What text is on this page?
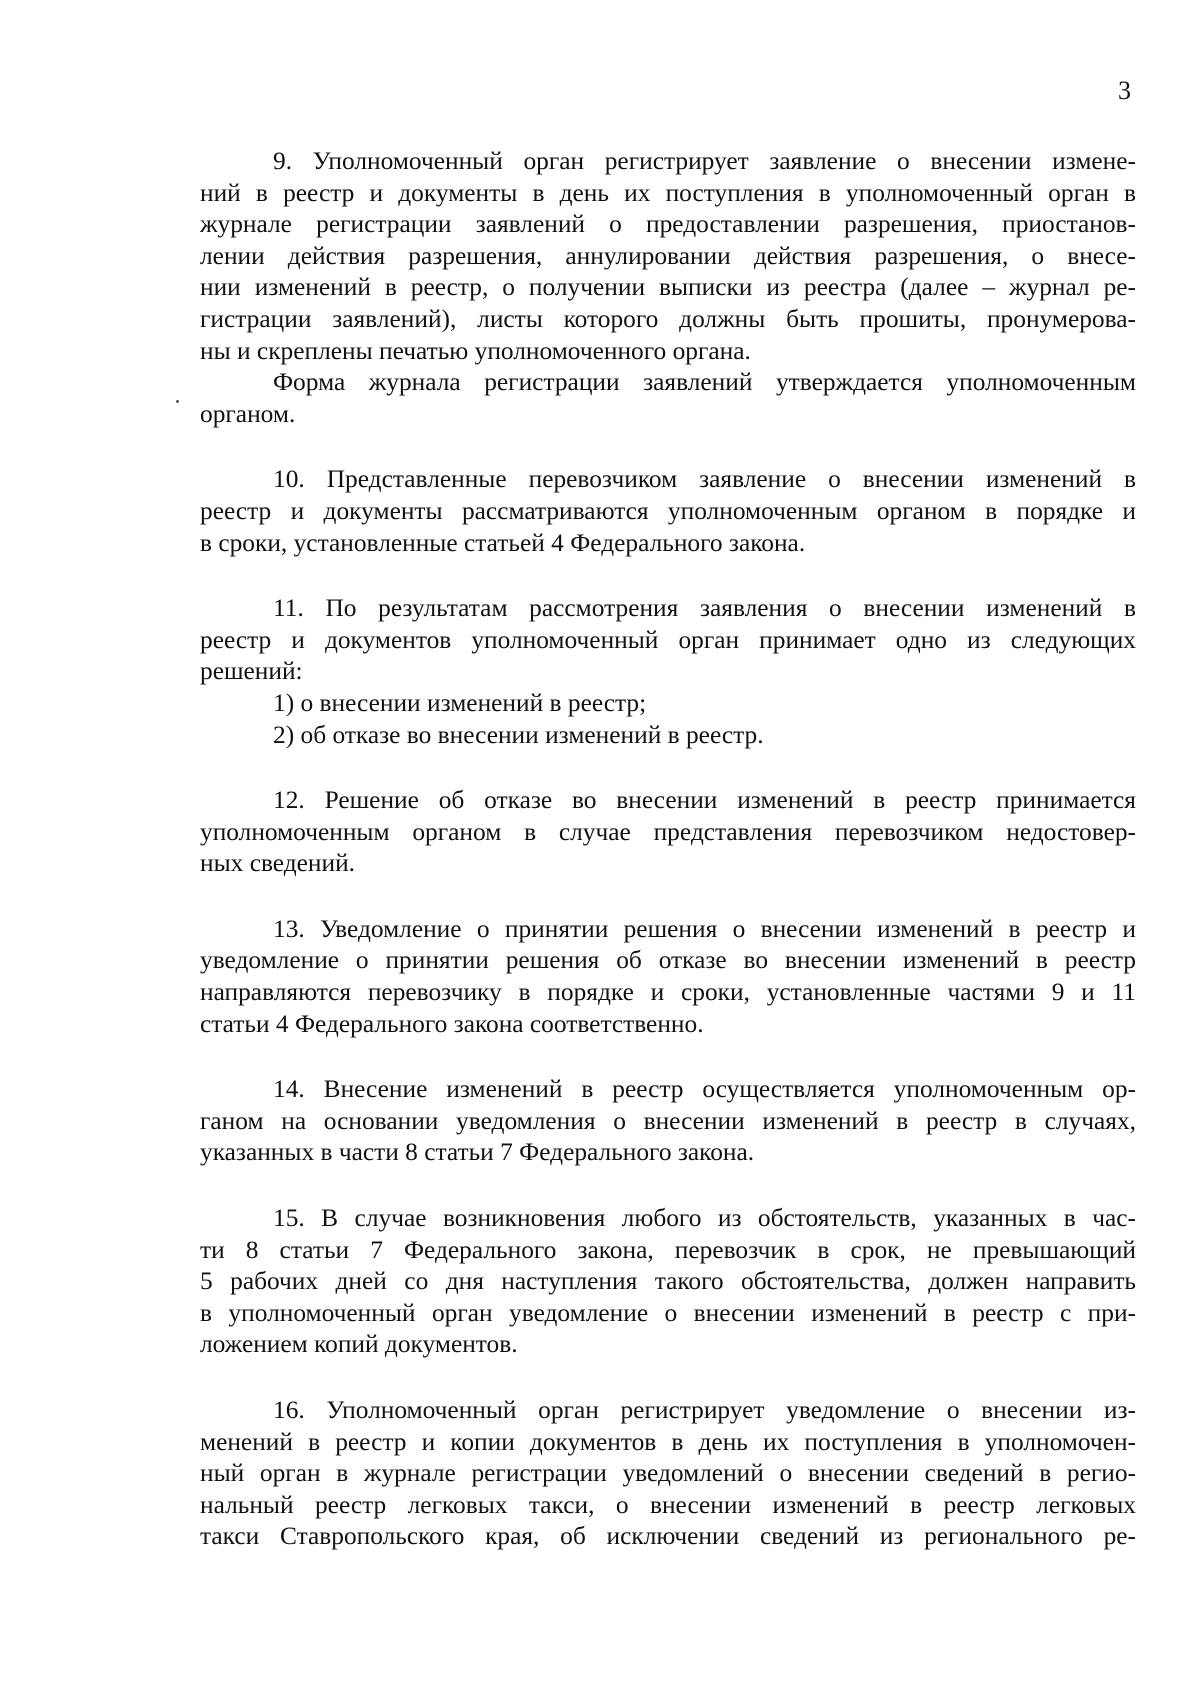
3
9. Уполномоченный орган регистрирует заявление о внесении измене-
ний в реестр и документы в день их поступления в уполномоченный орган в
журнале регистрации заявлений о предоставлении разрешения, приостанов-
лении действия разрешения, аннулировании действия разрешения, о внесе-
нии изменений в реестр, о получении выписки из реестра (далее – журнал ре-
гистрации заявлений), листы которого должны быть прошиты, пронумерова-
ны и скреплены печатью уполномоченного органа.
Форма журнала регистрации заявлений утверждается уполномоченным
органом.
10. Представленные перевозчиком заявление о внесении изменений в
реестр и документы рассматриваются уполномоченным органом в порядке и
в сроки, установленные статьей 4 Федерального закона.
11. По результатам рассмотрения заявления о внесении изменений в
реестр и документов уполномоченный орган принимает одно из следующих
решений:
1) о внесении изменений в реестр;
2) об отказе во внесении изменений в реестр.
12. Решение об отказе во внесении изменений в реестр принимается
уполномоченным органом в случае представления перевозчиком недостовер-
ных сведений.
13. Уведомление о принятии решения о внесении изменений в реестр и
уведомление о принятии решения об отказе во внесении изменений в реестр
направляются перевозчику в порядке и сроки, установленные частями 9 и 11
статьи 4 Федерального закона соответственно.
14. Внесение изменений в реестр осуществляется уполномоченным ор-
ганом на основании уведомления о внесении изменений в реестр в случаях,
указанных в части 8 статьи 7 Федерального закона.
15. В случае возникновения любого из обстоятельств, указанных в час-
ти 8 статьи 7 Федерального закона, перевозчик в срок, не превышающий
5 рабочих дней со дня наступления такого обстоятельства, должен направить
в уполномоченный орган уведомление о внесении изменений в реестр с при-
ложением копий документов.
16. Уполномоченный орган регистрирует уведомление о внесении из-
менений в реестр и копии документов в день их поступления в уполномочен-
ный орган в журнале регистрации уведомлений о внесении сведений в регио-
нальный реестр легковых такси, о внесении изменений в реестр легковых
такси Ставропольского края, об исключении сведений из регионального ре-
